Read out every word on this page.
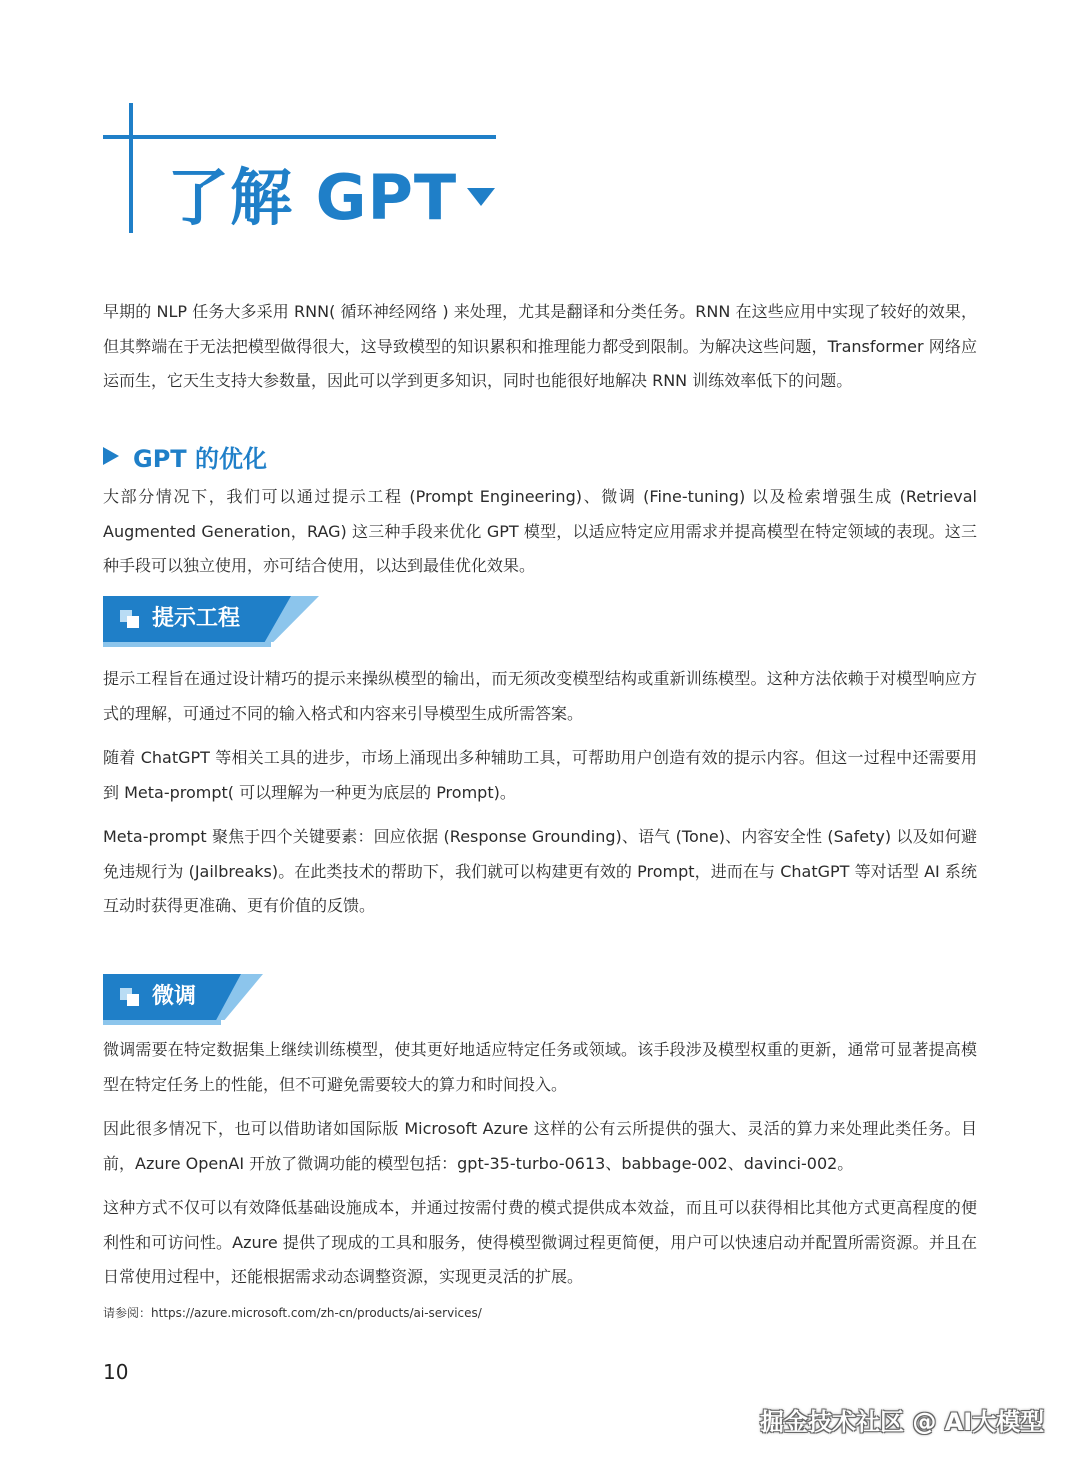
了解 GPT

早期的 NLP 任务大多采用 RNN( 循环神经网络 ) 来处理，尤其是翻译和分类任务。RNN 在这些应用中实现了较好的效果，但其弊端在于无法把模型做得很大，这导致模型的知识累积和推理能力都受到限制。为解决这些问题，Transformer 网络应运而生，它天生支持大参数量，因此可以学到更多知识，同时也能很好地解决 RNN 训练效率低下的问题。

GPT 的优化

大部分情况下，我们可以通过提示工程 (Prompt Engineering)、微调 (Fine-tuning) 以及检索增强生成 (Retrieval Augmented Generation，RAG) 这三种手段来优化 GPT 模型，以适应特定应用需求并提高模型在特定领域的表现。这三种手段可以独立使用，亦可结合使用，以达到最佳优化效果。

提示工程

提示工程旨在通过设计精巧的提示来操纵模型的输出，而无须改变模型结构或重新训练模型。这种方法依赖于对模型响应方式的理解，可通过不同的输入格式和内容来引导模型生成所需答案。

随着 ChatGPT 等相关工具的进步，市场上涌现出多种辅助工具，可帮助用户创造有效的提示内容。但这一过程中还需要用到 Meta-prompt( 可以理解为一种更为底层的 Prompt)。

Meta-prompt 聚焦于四个关键要素：回应依据 (Response Grounding)、语气 (Tone)、内容安全性 (Safety) 以及如何避免违规行为 (Jailbreaks)。在此类技术的帮助下，我们就可以构建更有效的 Prompt，进而在与 ChatGPT 等对话型 AI 系统互动时获得更准确、更有价值的反馈。

微调

微调需要在特定数据集上继续训练模型，使其更好地适应特定任务或领域。该手段涉及模型权重的更新，通常可显著提高模型在特定任务上的性能，但不可避免需要较大的算力和时间投入。

因此很多情况下，也可以借助诸如国际版 Microsoft Azure 这样的公有云所提供的强大、灵活的算力来处理此类任务。目前，Azure OpenAI 开放了微调功能的模型包括：gpt-35-turbo-0613、babbage-002、davinci-002。

这种方式不仅可以有效降低基础设施成本，并通过按需付费的模式提供成本效益，而且可以获得相比其他方式更高程度的便利性和可访问性。Azure 提供了现成的工具和服务，使得模型微调过程更简便，用户可以快速启动并配置所需资源。并且在日常使用过程中，还能根据需求动态调整资源，实现更灵活的扩展。

请参阅：https://azure.microsoft.com/zh-cn/products/ai-services/
10
掘金技术社区 @ AI大模型
